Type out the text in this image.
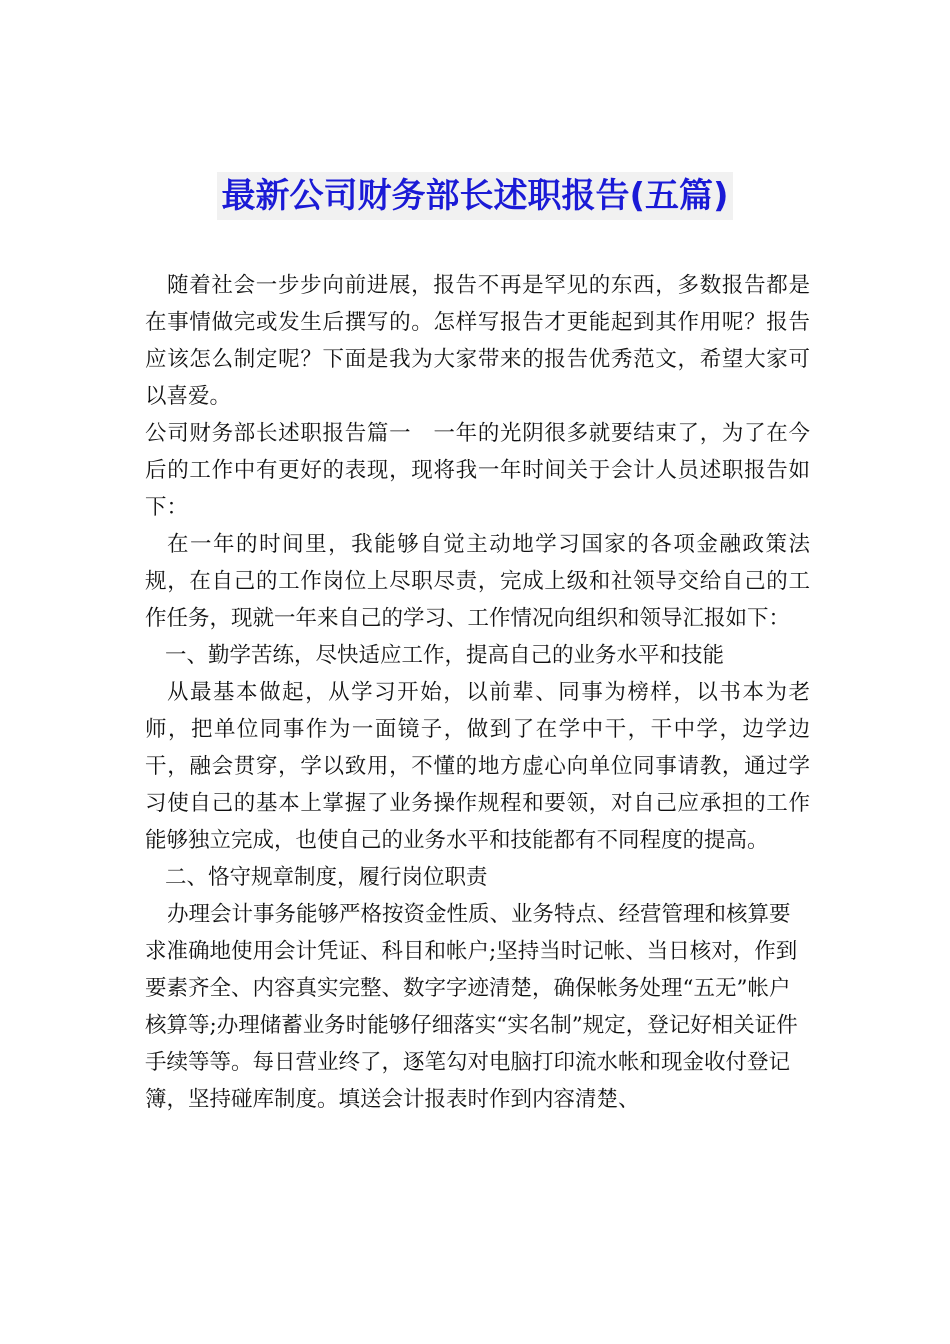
最新公司财务部长述职报告(五篇)

随着社会一步步向前进展，报告不再是罕见的东西，多数报告都是在事情做完或发生后撰写的。怎样写报告才更能起到其作用呢？报告应该怎么制定呢？下面是我为大家带来的报告优秀范文，希望大家可以喜爱。

公司财务部长述职报告篇一　一年的光阴很多就要结束了，为了在今后的工作中有更好的表现，现将我一年时间关于会计人员述职报告如下：

在一年的时间里，我能够自觉主动地学习国家的各项金融政策法规，在自己的工作岗位上尽职尽责，完成上级和社领导交给自己的工作任务，现就一年来自己的学习、工作情况向组织和领导汇报如下：

一、勤学苦练，尽快适应工作，提高自己的业务水平和技能

从最基本做起，从学习开始，以前辈、同事为榜样，以书本为老师，把单位同事作为一面镜子，做到了在学中干，干中学，边学边干，融会贯穿，学以致用，不懂的地方虚心向单位同事请教，通过学习使自己的基本上掌握了业务操作规程和要领，对自己应承担的工作能够独立完成，也使自己的业务水平和技能都有不同程度的提高。

二、恪守规章制度，履行岗位职责

办理会计事务能够严格按资金性质、业务特点、经营管理和核算要求准确地使用会计凭证、科目和帐户;坚持当时记帐、当日核对，作到要素齐全、内容真实完整、数字字迹清楚，确保帐务处理“五无”帐户核算等;办理储蓄业务时能够仔细落实“实名制”规定，登记好相关证件手续等等。每日营业终了，逐笔勾对电脑打印流水帐和现金收付登记簿，坚持碰库制度。填送会计报表时作到内容清楚、
